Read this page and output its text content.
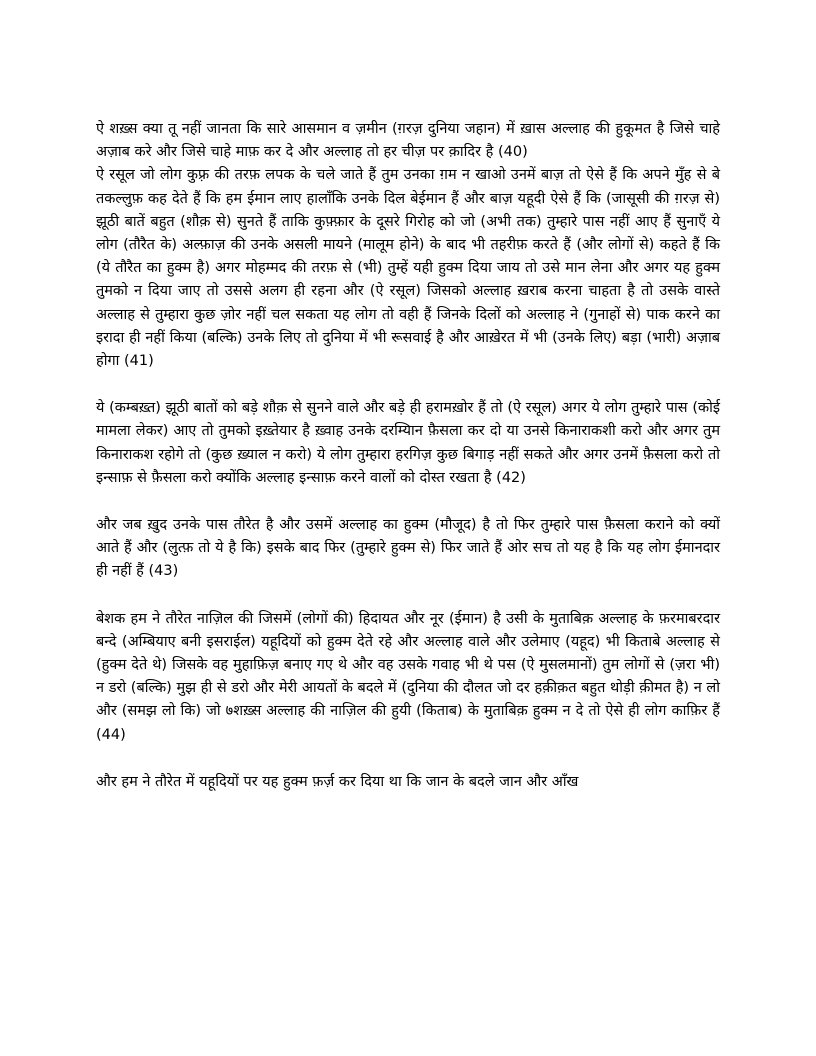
ऐ शख़्स क्या तू नहीं जानता कि सारे आसमान व ज़मीन (ग़रज़ दुनिया जहान) में ख़ास अल्लाह की हुकूमत है जिसे चाहे अज़ाब करे और जिसे चाहे माफ़ कर दे और अल्लाह तो हर चीज़ पर क़ादिर है (40)

ऐ रसूल जो लोग कुफ़्र की तरफ़ लपक के चले जाते हैं तुम उनका ग़म न खाओ उनमें बाज़ तो ऐसे हैं कि अपने मुँह से बे तकल्लुफ़ कह देते हैं कि हम ईमान लाए हालाँकि उनके दिल बेईमान हैं और बाज़ यहूदी ऐसे हैं कि (जासूसी की ग़रज़ से) झूठी बातें बहुत (शौक़ से) सुनते हैं ताकि कुफ़्फ़ार के दूसरे गिरोह को जो (अभी तक) तुम्हारे पास नहीं आए हैं सुनाएँ ये लोग (तौरैत के) अल्फ़ाज़ की उनके असली मायने (मालूम होने) के बाद भी तहरीफ़ करते हैं (और लोगों से) कहते हैं कि (ये तौरैत का हुक्म है) अगर मोहम्मद की तरफ़ से (भी) तुम्हें यही हुक्म दिया जाय तो उसे मान लेना और अगर यह हुक्म तुमको न दिया जाए तो उससे अलग ही रहना और (ऐ रसूल) जिसको अल्लाह ख़राब करना चाहता है तो उसके वास्ते अल्लाह से तुम्हारा कुछ ज़ोर नहीं चल सकता यह लोग तो वही हैं जिनके दिलों को अल्लाह ने (गुनाहों से) पाक करने का इरादा ही नहीं किया (बल्कि) उनके लिए तो दुनिया में भी रूसवाई है और आख़ेरत में भी (उनके लिए) बड़ा (भारी) अज़ाब होगा (41)

ये (कम्बख़्त) झूठी बातों को बड़े शौक़ से सुनने वाले और बड़े ही हरामख़ोर हैं तो (ऐ रसूल) अगर ये लोग तुम्हारे पास (कोई मामला लेकर) आए तो तुमको इख़्तेयार है ख़्वाह उनके दरम्यिान फ़ैसला कर दो या उनसे किनाराकशी करो और अगर तुम किनाराकश रहोगे तो (कुछ ख़्याल न करो) ये लोग तुम्हारा हरगिज़ कुछ बिगाड़ नहीं सकते और अगर उनमें फ़ैसला करो तो इन्साफ़ से फ़ैसला करो क्योंकि अल्लाह इन्साफ़ करने वालों को दोस्त रखता है (42)

और जब ख़ुद उनके पास तौरेत है और उसमें अल्लाह का हुक्म (मौजूद) है तो फिर तुम्हारे पास फ़ैसला कराने को क्यों आते हैं और (लुत्फ़ तो ये है कि) इसके बाद फिर (तुम्हारे हुक्म से) फिर जाते हैं ओर सच तो यह है कि यह लोग ईमानदार ही नहीं हैं (43)

बेशक हम ने तौरेत नाज़िल की जिसमें (लोगों की) हिदायत और नूर (ईमान) है उसी के मुताबिक़ अल्लाह के फ़रमाबरदार बन्दे (अम्बियाए बनी इसराईल) यहूदियों को हुक्म देते रहे और अल्लाह वाले और उलेमाए (यहूद) भी किताबे अल्लाह से (हुक्म देते थे) जिसके वह मुहाफ़िज़ बनाए गए थे और वह उसके गवाह भी थे पस (ऐ मुसलमानों) तुम लोगों से (ज़रा भी) न डरो (बल्कि) मुझ ही से डरो और मेरी आयतों के बदले में (दुनिया की दौलत जो दर हक़ीक़त बहुत थोड़ी क़ीमत है) न लो और (समझ लो कि) जो ७शख़्स अल्लाह की नाज़िल की हुयी (किताब) के मुताबिक़ हुक्म न दे तो ऐसे ही लोग काफ़िर हैं (44)

और हम ने तौरेत में यहूदियों पर यह हुक्म फ़र्ज़ कर दिया था कि जान के बदले जान और आँख
